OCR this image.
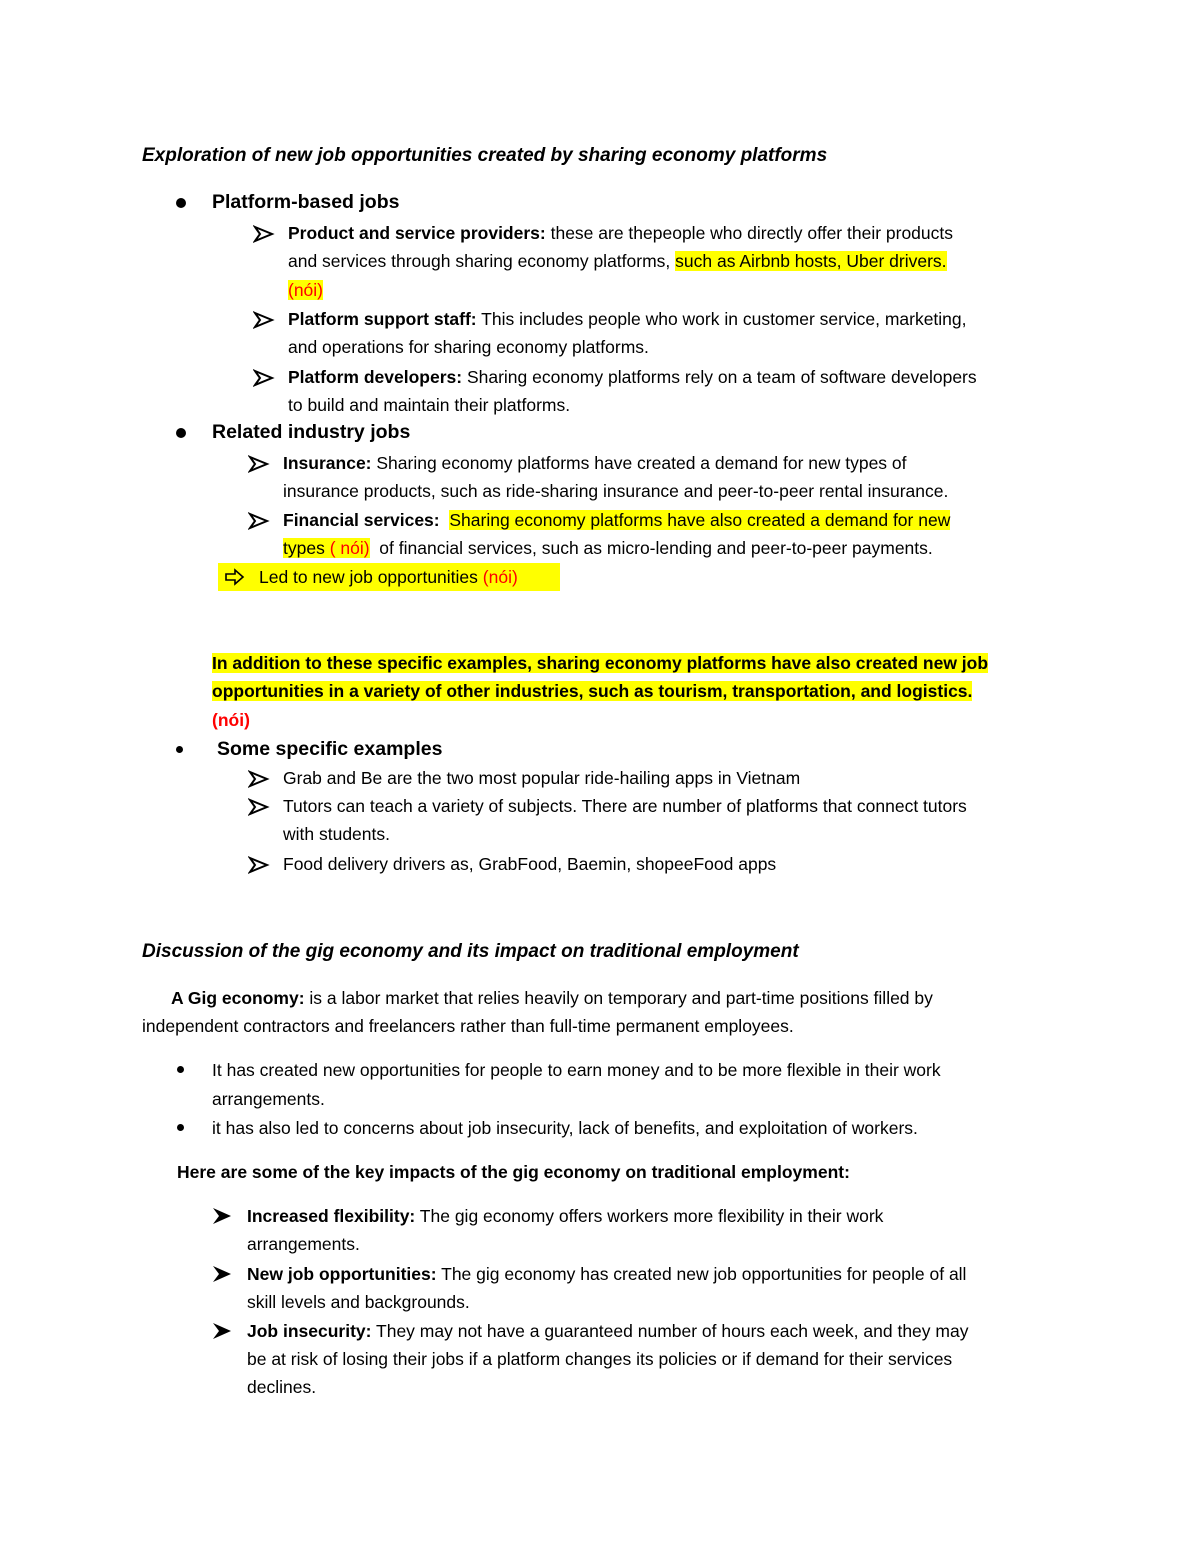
Exploration of new job opportunities created by sharing economy platforms
Platform-based jobs
Product and service providers: these are thepeople who directly offer their products
and services through sharing economy platforms, such as Airbnb hosts, Uber drivers.
(nói)
Platform support staff: This includes people who work in customer service, marketing,
and operations for sharing economy platforms.
Platform developers: Sharing economy platforms rely on a team of software developers
to build and maintain their platforms.
Related industry jobs
Insurance: Sharing economy platforms have created a demand for new types of
insurance products, such as ride-sharing insurance and peer-to-peer rental insurance.
Financial services: Sharing economy platforms have also created a demand for new
types ( nói)  of financial services, such as micro-lending and peer-to-peer payments.
Led to new job opportunities (nói)
In addition to these specific examples, sharing economy platforms have also created new job
opportunities in a variety of other industries, such as tourism, transportation, and logistics.
(nói)
Some specific examples
Grab and Be are the two most popular ride-hailing apps in Vietnam
Tutors can teach a variety of subjects. There are number of platforms that connect tutors
with students.
Food delivery drivers as, GrabFood, Baemin, shopeeFood apps
Discussion of the gig economy and its impact on traditional employment
A Gig economy: is a labor market that relies heavily on temporary and part-time positions filled by
independent contractors and freelancers rather than full-time permanent employees.
It has created new opportunities for people to earn money and to be more flexible in their work
arrangements.
it has also led to concerns about job insecurity, lack of benefits, and exploitation of workers.
Here are some of the key impacts of the gig economy on traditional employment:
Increased flexibility: The gig economy offers workers more flexibility in their work
arrangements.
New job opportunities: The gig economy has created new job opportunities for people of all
skill levels and backgrounds.
Job insecurity: They may not have a guaranteed number of hours each week, and they may
be at risk of losing their jobs if a platform changes its policies or if demand for their services
declines.
